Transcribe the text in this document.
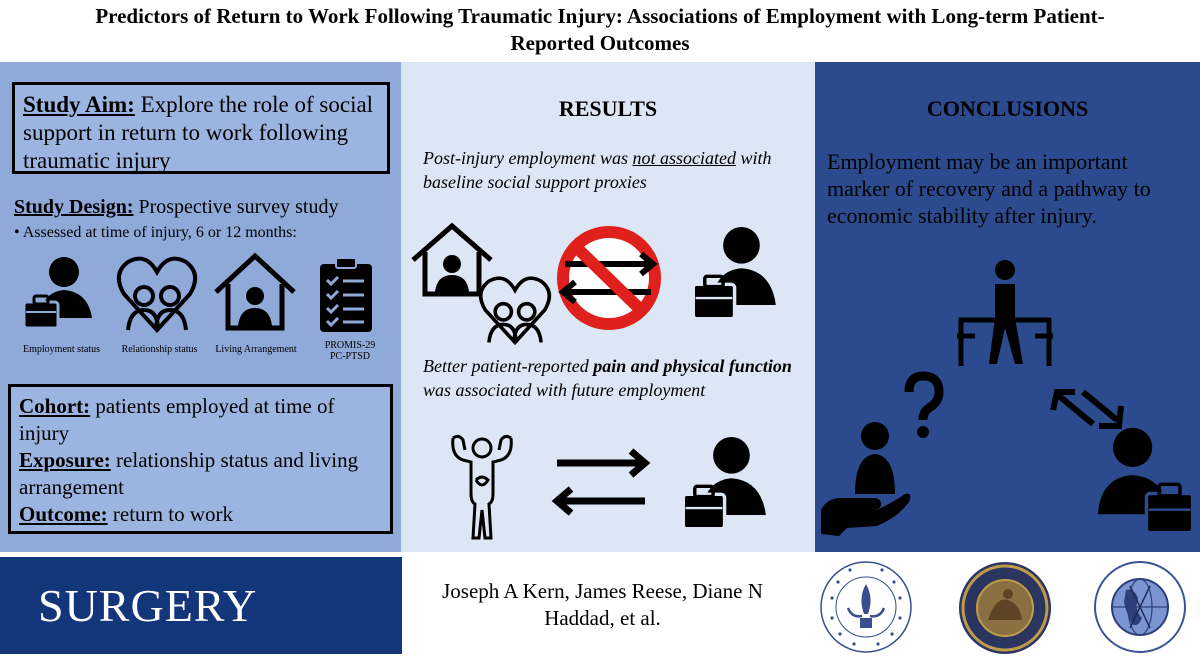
Predictors of Return to Work Following Traumatic Injury: Associations of Employment with Long-term Patient-
Reported Outcomes
Study Aim: Explore the role of social support in return to work following traumatic injury
Study Design: Prospective survey study
• Assessed at time of injury, 6 or 12 months:
Employment status	Relationship status	Living Arrangement	PROMIS-29
PC-PTSD
Cohort: patients employed at time of injury
Exposure: relationship status and living arrangement
Outcome: return to work
RESULTS
Post-injury employment was not associated with baseline social support proxies
Better patient-reported pain and physical function was associated with future employment
CONCLUSIONS
Employment may be an important marker of recovery and a pathway to economic stability after injury.
SURGERY	Joseph A Kern, James Reese, Diane N
Haddad, et al.
